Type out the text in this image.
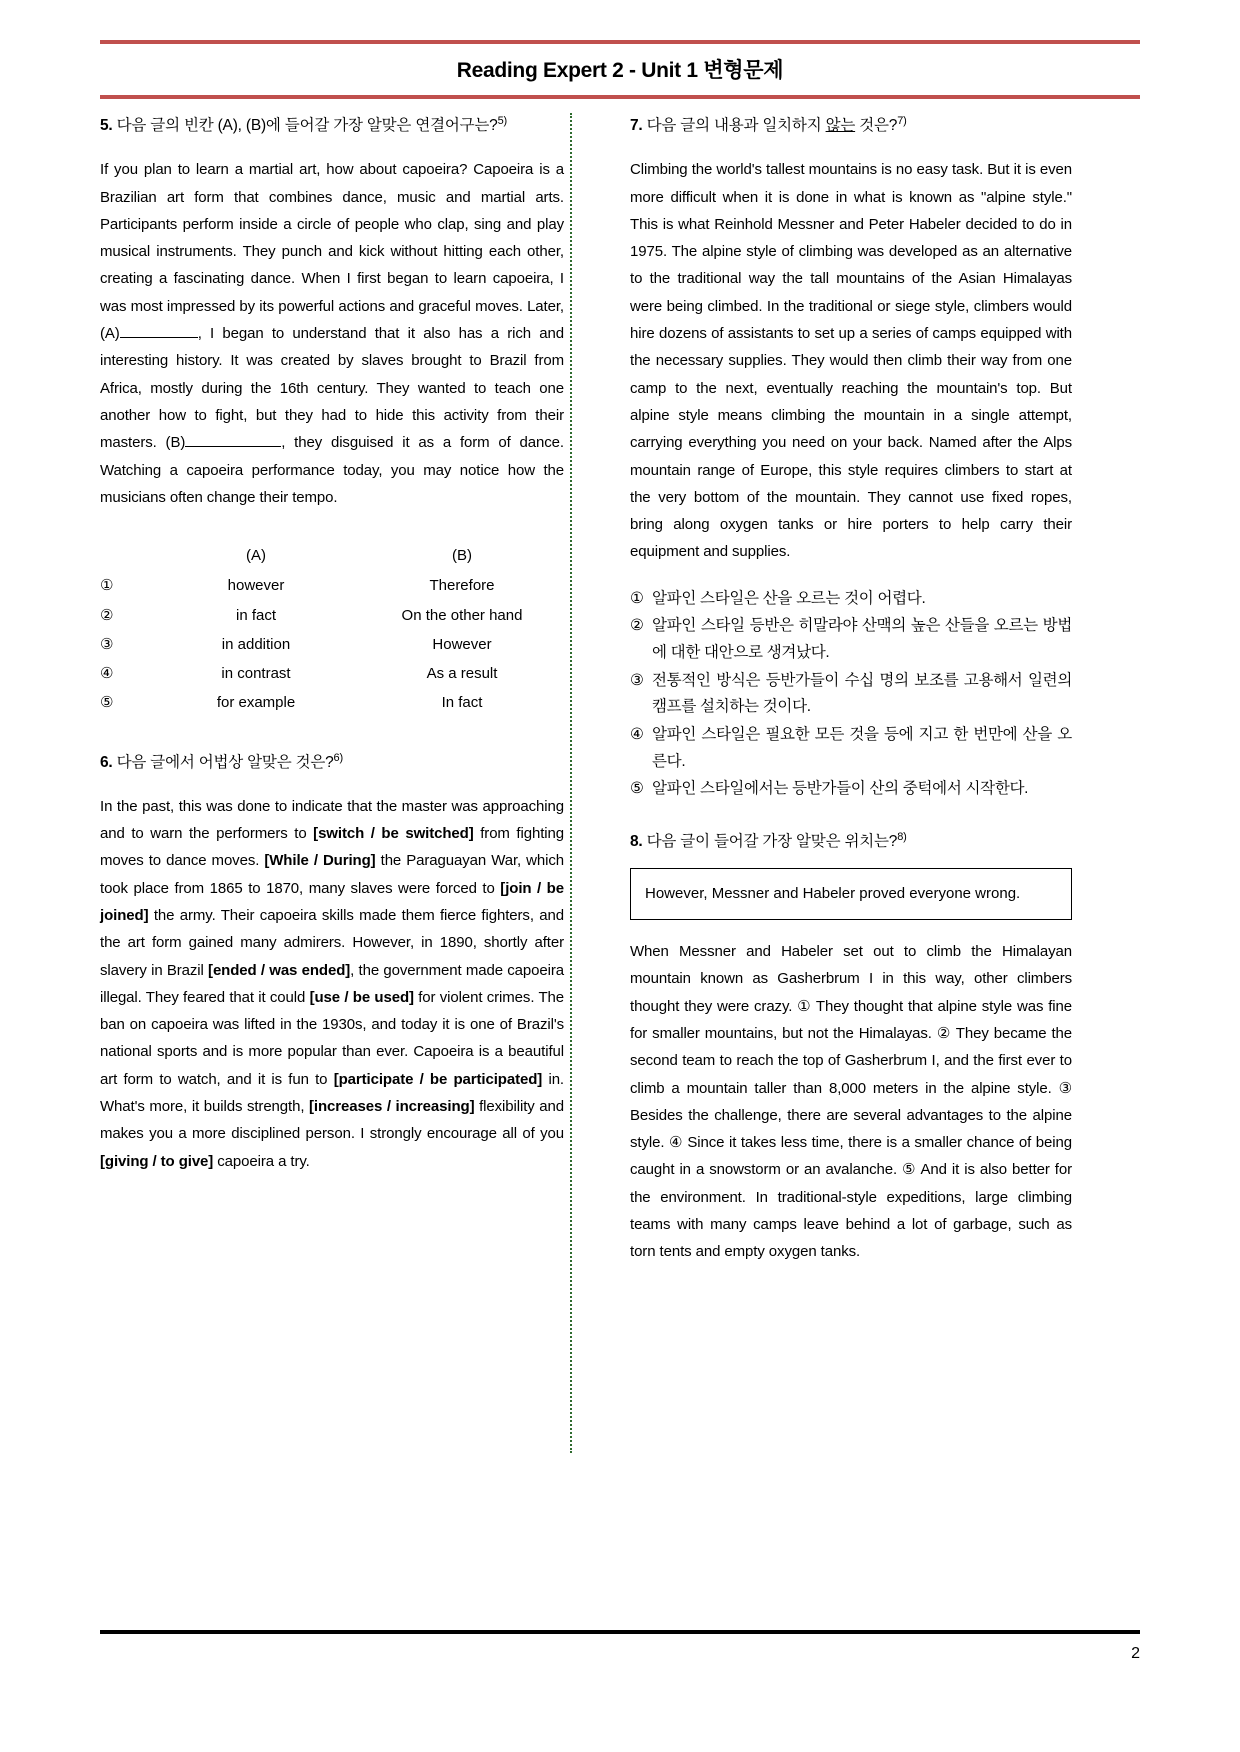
Reading Expert 2 - Unit 1 변형문제
5. 다음 글의 빈칸 (A), (B)에 들어갈 가장 알맞은 연결어구는?$^{5)}$
If you plan to learn a martial art, how about capoeira? Capoeira is a Brazilian art form that combines dance, music and martial arts. Participants perform inside a circle of people who clap, sing and play musical instruments. They punch and kick without hitting each other, creating a fascinating dance. When I first began to learn capoeira, I was most impressed by its powerful actions and graceful moves. Later, (A)	, I began to understand that it also has a rich and interesting history. It was created by slaves brought to Brazil from Africa, mostly during the 16th century. They wanted to teach one another how to fight, but they had to hide this activity from their masters. (B)	, they disguised it as a form of dance. Watching a capoeira performance today, you may notice how the musicians often change their tempo.
	(A)	(B)
①	however	Therefore
②	in fact	On the other hand
③	in addition	However
④	in contrast	As a result
⑤	for example	In fact
6. 다음 글에서 어법상 알맞은 것은?$^{6)}$
In the past, this was done to indicate that the master was approaching and to warn the performers to [switch / be switched] from fighting moves to dance moves. [While / During] the Paraguayan War, which took place from 1865 to 1870, many slaves were forced to [join / be joined] the army. Their capoeira skills made them fierce fighters, and the art form gained many admirers. However, in 1890, shortly after slavery in Brazil [ended / was ended], the government made capoeira illegal. They feared that it could [use / be used] for violent crimes. The ban on capoeira was lifted in the 1930s, and today it is one of Brazil's national sports and is more popular than ever. Capoeira is a beautiful art form to watch, and it is fun to [participate / be participated] in. What's more, it builds strength, [increases / increasing] flexibility and makes you a more disciplined person. I strongly encourage all of you [giving / to give] capoeira a try.
7. 다음 글의 내용과 일치하지 않는 것은?$^{7)}$
Climbing the world's tallest mountains is no easy task. But it is even more difficult when it is done in what is known as "alpine style." This is what Reinhold Messner and Peter Habeler decided to do in 1975. The alpine style of climbing was developed as an alternative to the traditional way the tall mountains of the Asian Himalayas were being climbed. In the traditional or siege style, climbers would hire dozens of assistants to set up a series of camps equipped with the necessary supplies. They would then climb their way from one camp to the next, eventually reaching the mountain's top. But alpine style means climbing the mountain in a single attempt, carrying everything you need on your back. Named after the Alps mountain range of Europe, this style requires climbers to start at the very bottom of the mountain. They cannot use fixed ropes, bring along oxygen tanks or hire porters to help carry their equipment and supplies.
① 알파인 스타일은 산을 오르는 것이 어렵다.
② 알파인 스타일 등반은 히말라야 산맥의 높은 산들을 오르는 방법에 대한 대안으로 생겨났다.
③ 전통적인 방식은 등반가들이 수십 명의 보조를 고용해서 일련의 캠프를 설치하는 것이다.
④ 알파인 스타일은 필요한 모든 것을 등에 지고 한 번만에 산을 오른다.
⑤ 알파인 스타일에서는 등반가들이 산의 중턱에서 시작한다.
8. 다음 글이 들어갈 가장 알맞은 위치는?$^{8)}$
However, Messner and Habeler proved everyone wrong.
When Messner and Habeler set out to climb the Himalayan mountain known as Gasherbrum I in this way, other climbers thought they were crazy. ① They thought that alpine style was fine for smaller mountains, but not the Himalayas. ② They became the second team to reach the top of Gasherbrum I, and the first ever to climb a mountain taller than 8,000 meters in the alpine style. ③ Besides the challenge, there are several advantages to the alpine style. ④ Since it takes less time, there is a smaller chance of being caught in a snowstorm or an avalanche. ⑤ And it is also better for the environment. In traditional-style expeditions, large climbing teams with many camps leave behind a lot of garbage, such as torn tents and empty oxygen tanks.
2
